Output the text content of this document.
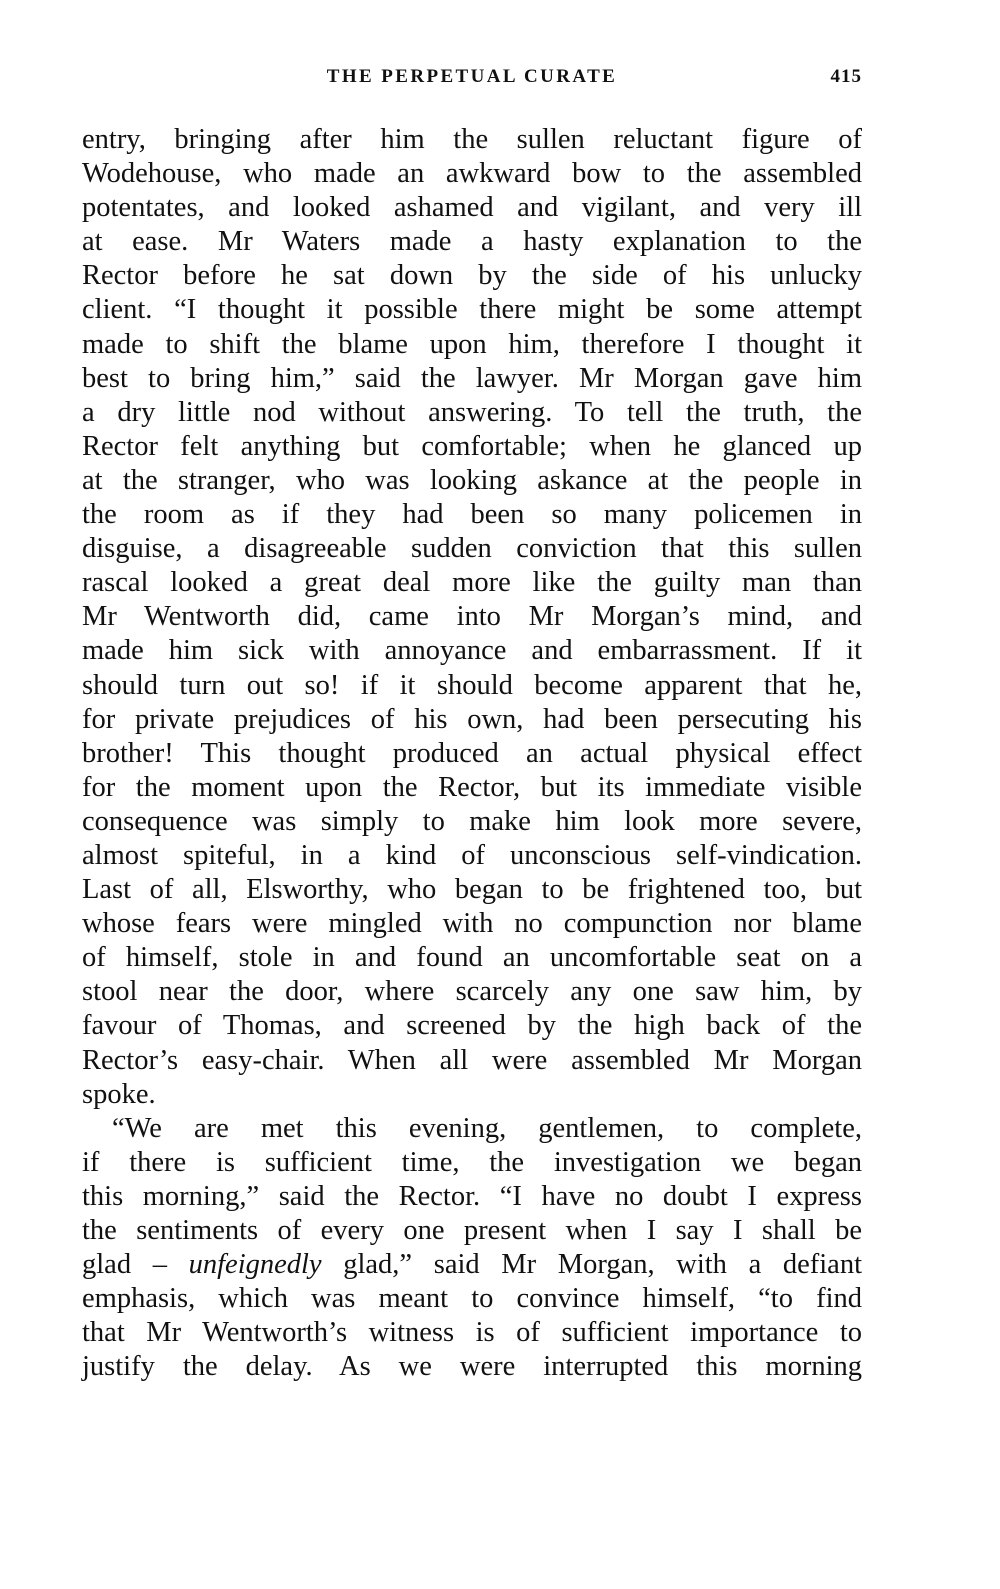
THE PERPETUAL CURATE	415
entry, bringing after him the sullen reluctant figure of
Wodehouse, who made an awkward bow to the assembled
potentates, and looked ashamed and vigilant, and very ill
at ease. Mr Waters made a hasty explanation to the
Rector before he sat down by the side of his unlucky
client. “I thought it possible there might be some attempt
made to shift the blame upon him, therefore I thought it
best to bring him,” said the lawyer. Mr Morgan gave him
a dry little nod without answering. To tell the truth, the
Rector felt anything but comfortable; when he glanced up
at the stranger, who was looking askance at the people in
the room as if they had been so many policemen in
disguise, a disagreeable sudden conviction that this sullen
rascal looked a great deal more like the guilty man than
Mr Wentworth did, came into Mr Morgan’s mind, and
made him sick with annoyance and embarrassment. If it
should turn out so! if it should become apparent that he,
for private prejudices of his own, had been persecuting his
brother! This thought produced an actual physical effect
for the moment upon the Rector, but its immediate visible
consequence was simply to make him look more severe,
almost spiteful, in a kind of unconscious self-vindication.
Last of all, Elsworthy, who began to be frightened too, but
whose fears were mingled with no compunction nor blame
of himself, stole in and found an uncomfortable seat on a
stool near the door, where scarcely any one saw him, by
favour of Thomas, and screened by the high back of the
Rector’s easy-chair. When all were assembled Mr Morgan
spoke.
“We are met this evening, gentlemen, to complete,
if there is sufficient time, the investigation we began
this morning,” said the Rector. “I have no doubt I express
the sentiments of every one present when I say I shall be
glad – unfeignedly glad,” said Mr Morgan, with a defiant
emphasis, which was meant to convince himself, “to find
that Mr Wentworth’s witness is of sufficient importance to
justify the delay. As we were interrupted this morning
